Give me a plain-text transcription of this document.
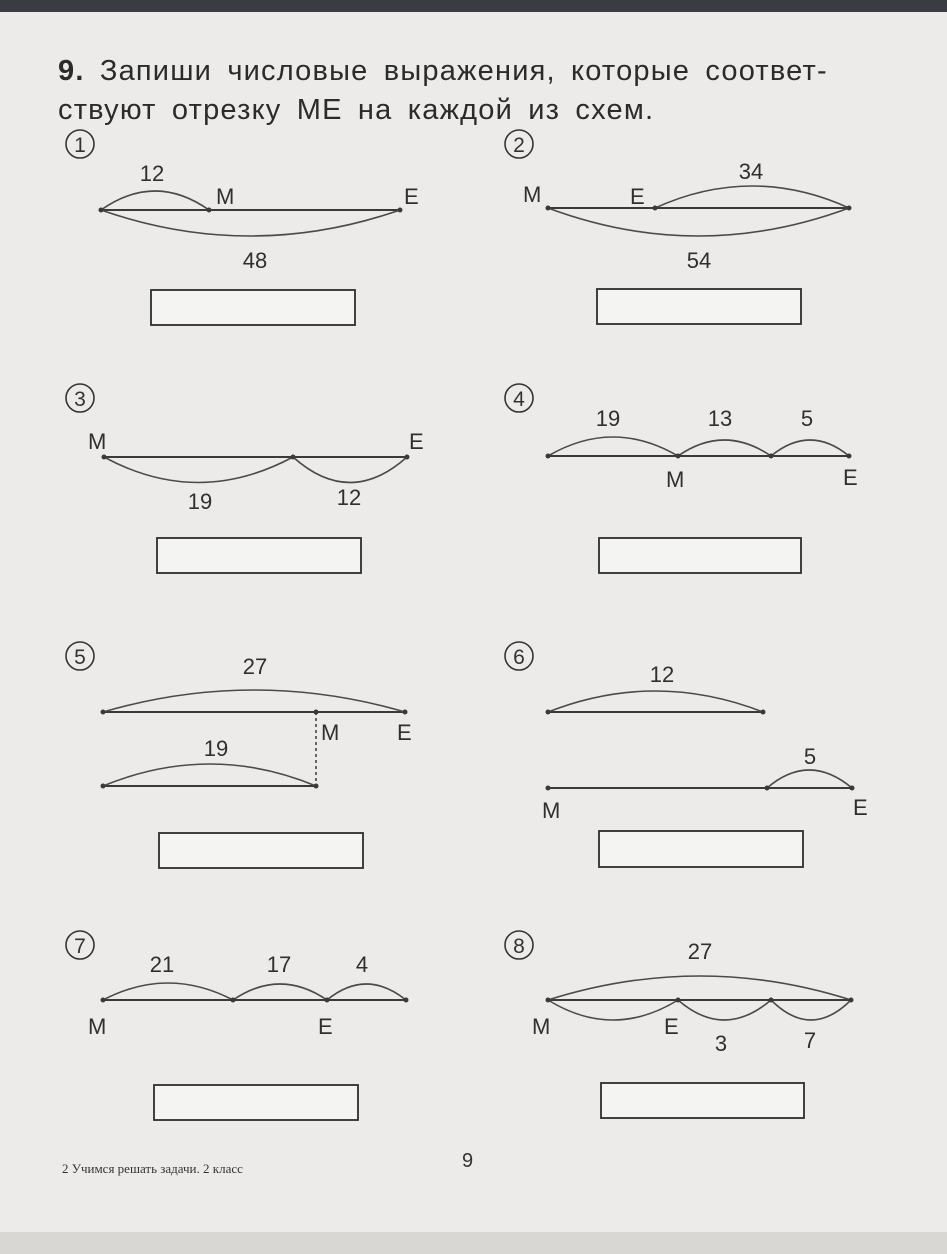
9. Запиши числовые выражения, которые соответ-
ствуют отрезку МЕ на каждой из схем.
1
12
М	Е
48
2
М	Е
34
54
3
М	Е
19	12
4
19	13	5
М	Е
5	27
М	Е
19
6
12
5
М	Е
7
21	17	4
М	Е
8	27
М	Е
3	7
2 Учимся решать задачи. 2 класс	9
